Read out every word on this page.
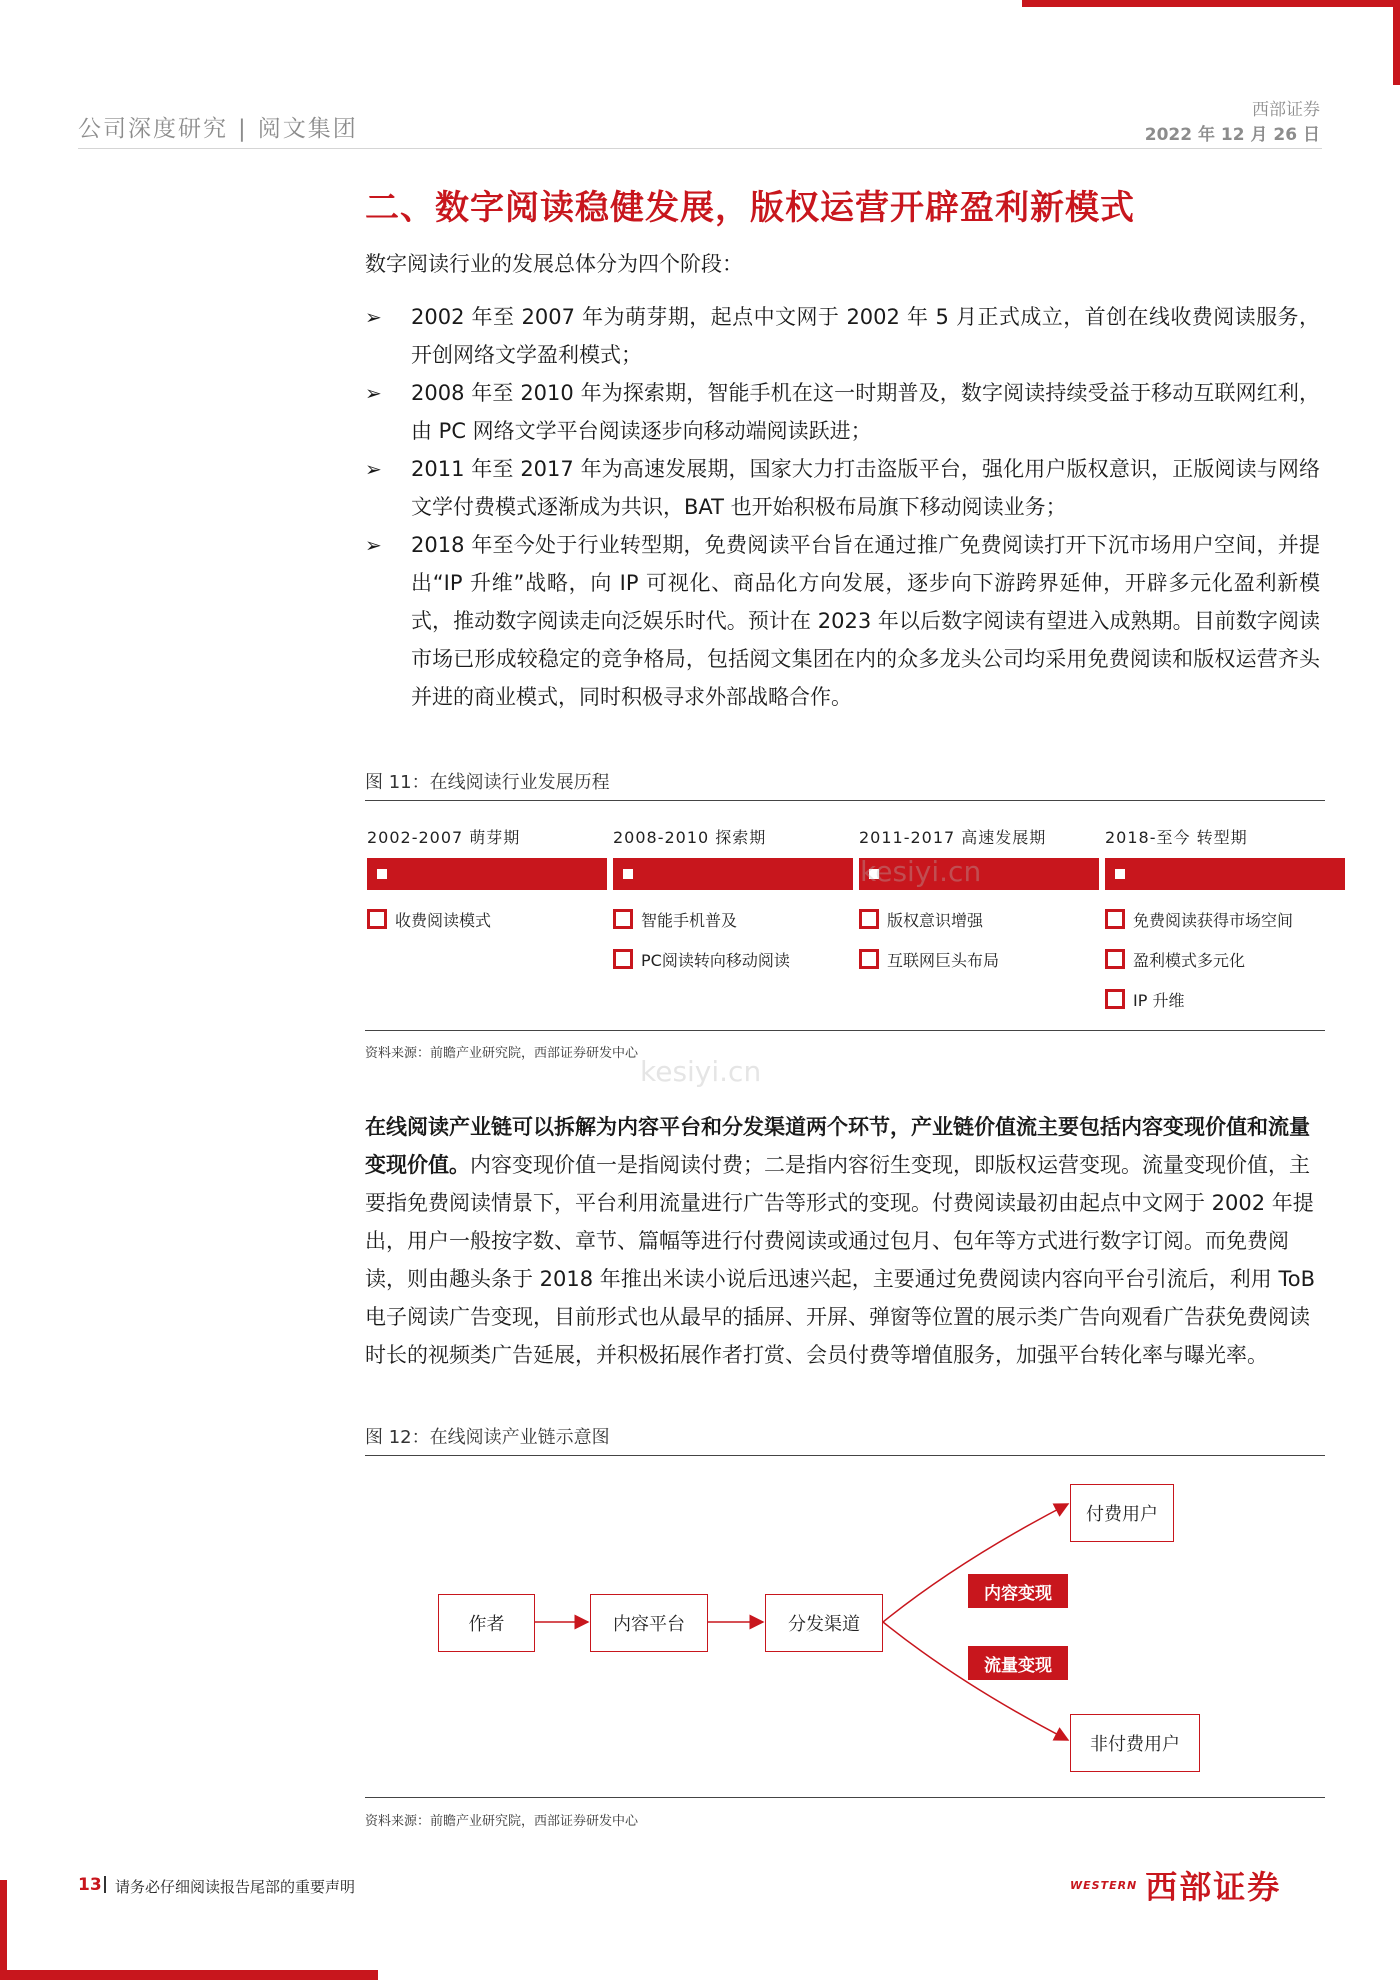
公司深度研究 | 阅文集团
西部证券
2022 年 12 月 26 日
二、数字阅读稳健发展，版权运营开辟盈利新模式
数字阅读行业的发展总体分为四个阶段：
➢ 2002 年至 2007 年为萌芽期，起点中文网于 2002 年 5 月正式成立，首创在线收费阅读服务，开创网络文学盈利模式；
➢ 2008 年至 2010 年为探索期，智能手机在这一时期普及，数字阅读持续受益于移动互联网红利，由 PC 网络文学平台阅读逐步向移动端阅读跃进；
➢ 2011 年至 2017 年为高速发展期，国家大力打击盗版平台，强化用户版权意识，正版阅读与网络文学付费模式逐渐成为共识，BAT 也开始积极布局旗下移动阅读业务；
➢ 2018 年至今处于行业转型期，免费阅读平台旨在通过推广免费阅读打开下沉市场用户空间，并提出“IP 升维”战略，向 IP 可视化、商品化方向发展，逐步向下游跨界延伸，开辟多元化盈利新模式，推动数字阅读走向泛娱乐时代。预计在 2023 年以后数字阅读有望进入成熟期。目前数字阅读市场已形成较稳定的竞争格局，包括阅文集团在内的众多龙头公司均采用免费阅读和版权运营齐头并进的商业模式，同时积极寻求外部战略合作。
图 11：在线阅读行业发展历程
2002-2007 萌芽期
收费阅读模式
2008-2010 探索期
智能手机普及
PC阅读转向移动阅读
2011-2017 高速发展期
版权意识增强
互联网巨头布局
2018-至今 转型期
免费阅读获得市场空间
盈利模式多元化
IP 升维
资料来源：前瞻产业研究院，西部证券研发中心
kesiyi.cn
kesiyi.cn
在线阅读产业链可以拆解为内容平台和分发渠道两个环节，产业链价值流主要包括内容变现价值和流量变现价值。内容变现价值一是指阅读付费；二是指内容衍生变现，即版权运营变现。流量变现价值，主要指免费阅读情景下，平台利用流量进行广告等形式的变现。付费阅读最初由起点中文网于 2002 年提出，用户一般按字数、章节、篇幅等进行付费阅读或通过包月、包年等方式进行数字订阅。而免费阅读，则由趣头条于 2018 年推出米读小说后迅速兴起，主要通过免费阅读内容向平台引流后，利用 ToB 电子阅读广告变现，目前形式也从最早的插屏、开屏、弹窗等位置的展示类广告向观看广告获免费阅读时长的视频类广告延展，并积极拓展作者打赏、会员付费等增值服务，加强平台转化率与曝光率。
图 12：在线阅读产业链示意图
作者	内容平台	分发渠道
付费用户
非付费用户
内容变现
流量变现
资料来源：前瞻产业研究院，西部证券研发中心
13 请务必仔细阅读报告尾部的重要声明	WESTERN 西部证券
